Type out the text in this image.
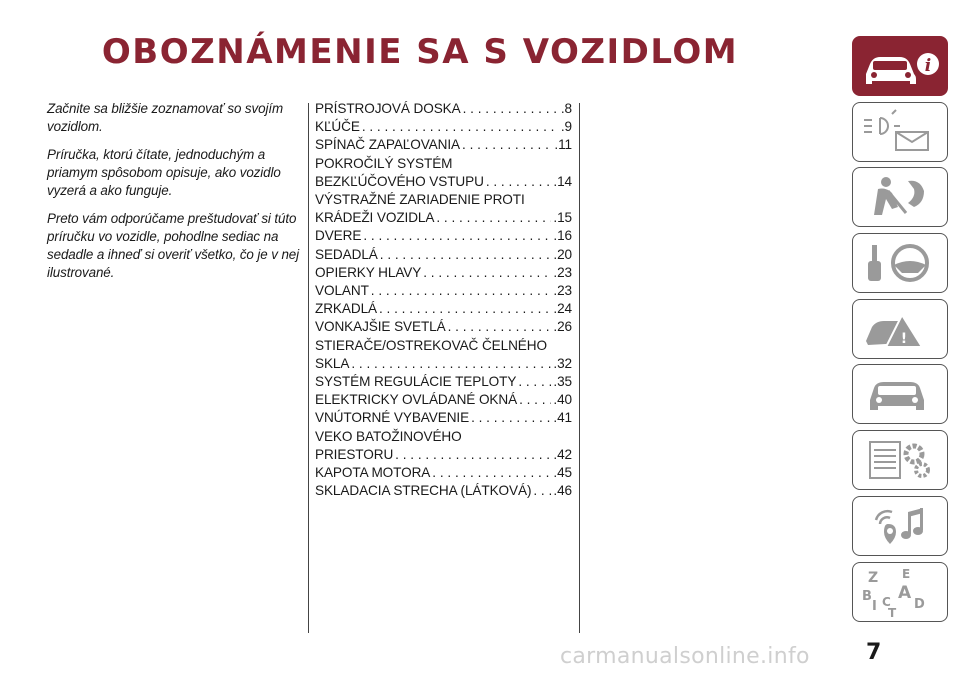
OBOZNÁMENIE SA S VOZIDLOM

Začnite sa bližšie zoznamovať so svojím vozidlom.

Príručka, ktorú čítate, jednoduchým a priamym spôsobom opisuje, ako vozidlo vyzerá a ako funguje.

Preto vám odporúčame preštudovať si túto príručku vo vozidle, pohodlne sediac na sedadle a ihneď si overiť všetko, čo je v nej ilustrované.

PRÍSTROJOVÁ DOSKA . . .	.8
KĽÚČE . . .	.9
SPÍNAČ ZAPAĽOVANIA . . .	.11
POKROČILÝ SYSTÉM
BEZKĽÚČOVÉHO VSTUPU . . .	.14
VÝSTRAŽNÉ ZARIADENIE PROTI
KRÁDEŽI VOZIDLA . . .	.15
DVERE . . .	.16
SEDADLÁ . . .	.20
OPIERKY HLAVY . . .	.23
VOLANT . . .	.23
ZRKADLÁ . . .	.24
VONKAJŠIE SVETLÁ . . .	.26
STIERAČE/OSTREKOVAČ ČELNÉHO
SKLA . . .	.32
SYSTÉM REGULÁCIE TEPLOTY . . .	.35
ELEKTRICKY OVLÁDANÉ OKNÁ . . .	.40
VNÚTORNÉ VYBAVENIE . . .	.41
VEKO BATOŽINOVÉHO
PRIESTORU . . .	.42
KAPOTA MOTORA . . .	.45
SKLADACIA STRECHA (LÁTKOVÁ) . . . .46
i
!
Z E
B A
I C D
T
carmanualsonline.info	7
